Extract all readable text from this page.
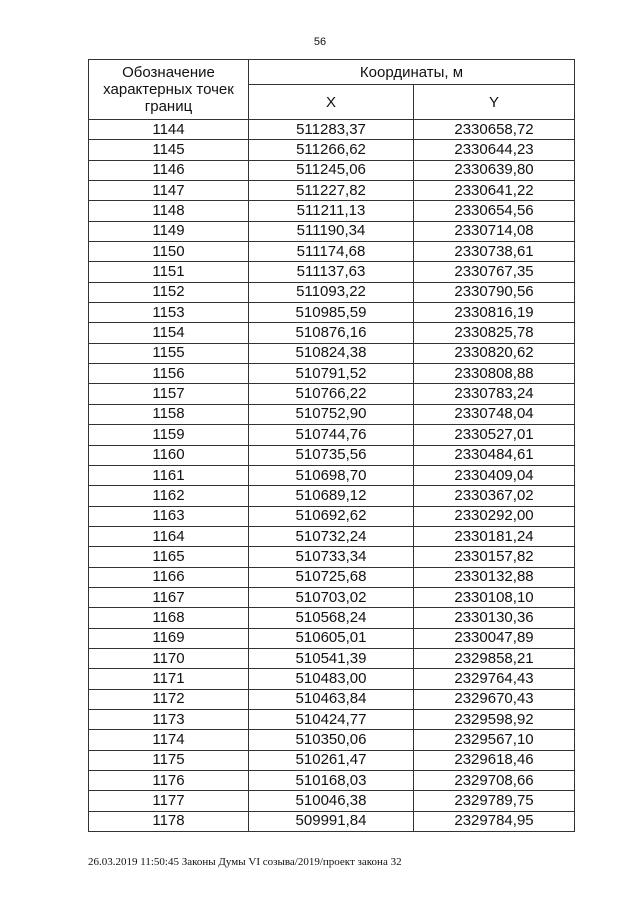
56
Обозначение характерных точек границ	Координаты, м	
	X	Y
1144	511283,37	2330658,72
1145	511266,62	2330644,23
1146	511245,06	2330639,80
1147	511227,82	2330641,22
1148	511211,13	2330654,56
1149	511190,34	2330714,08
1150	511174,68	2330738,61
1151	511137,63	2330767,35
1152	511093,22	2330790,56
1153	510985,59	2330816,19
1154	510876,16	2330825,78
1155	510824,38	2330820,62
1156	510791,52	2330808,88
1157	510766,22	2330783,24
1158	510752,90	2330748,04
1159	510744,76	2330527,01
1160	510735,56	2330484,61
1161	510698,70	2330409,04
1162	510689,12	2330367,02
1163	510692,62	2330292,00
1164	510732,24	2330181,24
1165	510733,34	2330157,82
1166	510725,68	2330132,88
1167	510703,02	2330108,10
1168	510568,24	2330130,36
1169	510605,01	2330047,89
1170	510541,39	2329858,21
1171	510483,00	2329764,43
1172	510463,84	2329670,43
1173	510424,77	2329598,92
1174	510350,06	2329567,10
1175	510261,47	2329618,46
1176	510168,03	2329708,66
1177	510046,38	2329789,75
1178	509991,84	2329784,95
26.03.2019 11:50:45 Законы Думы VI созыва/2019/проект закона 32
